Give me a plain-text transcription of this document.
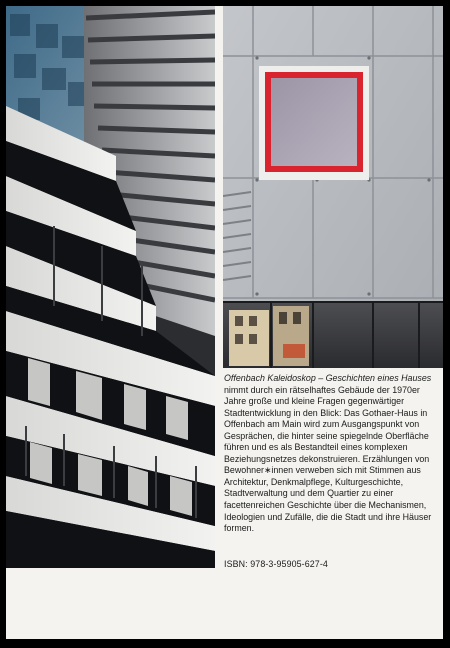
Offenbach Kaleidoskop – Geschichten eines Hauses nimmt durch ein rätselhaftes Gebäude der 1970er Jahre große und kleine Fragen gegenwärtiger Stadtentwicklung in den Blick: Das Gothaer-Haus in Offenbach am Main wird zum Ausgangspunkt von Gesprächen, die hinter seine spiegelnde Oberfläche führen und es als Bestandteil eines komplexen Beziehungsnetzes dekonstruieren. Erzählungen von Bewohner∗innen verweben sich mit Stimmen aus Architektur, Denkmalpflege, Kulturgeschichte, Stadtverwaltung und dem Quartier zu einer facettenreichen Geschichte über die Mechanismen, Ideologien und Zufälle, die die Stadt und ihre Häuser formen.

ISBN: 978-3-95905-627-4
